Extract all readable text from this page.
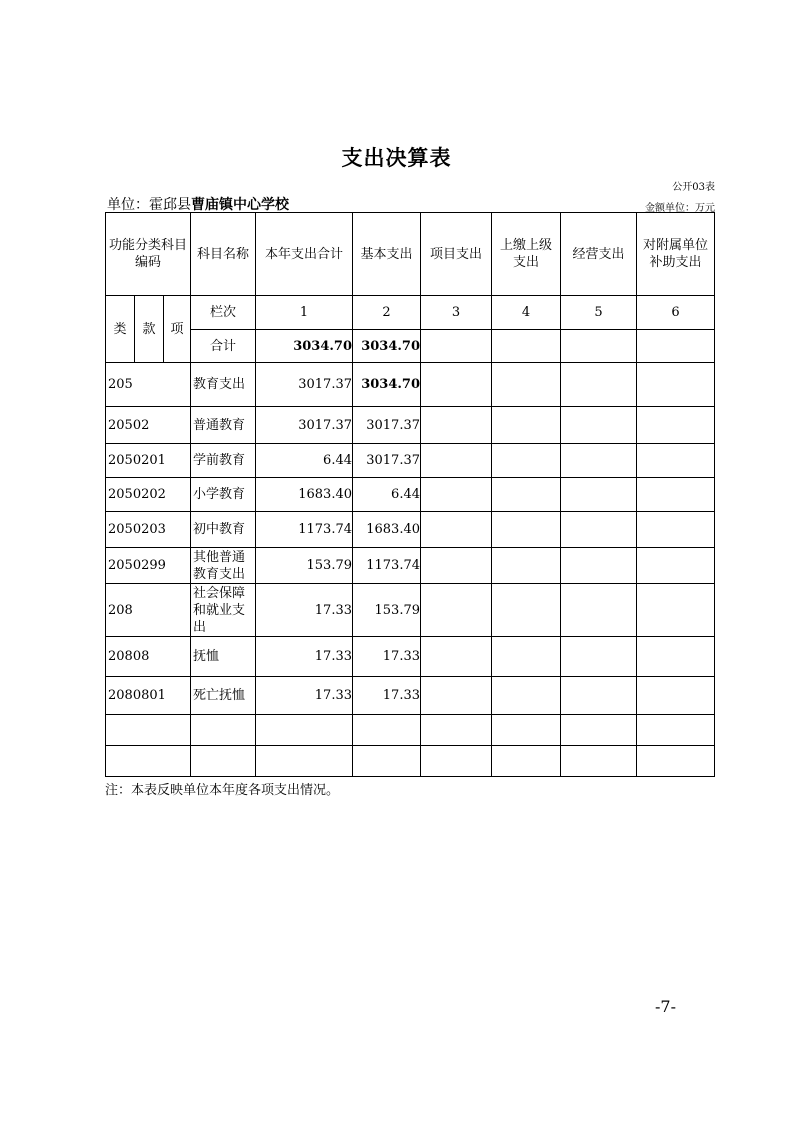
支出决算表
公开03表
单位：霍邱县曹庙镇中心学校	金额单位：万元
功能分类科目编码			科目名称	本年支出合计	基本支出	项目支出	上缴上级支出	经营支出	对附属单位补助支出
类	款	项	栏次	1	2	3	4	5	6
			合计	3034.70	3034.70				
205			教育支出	3017.37	3034.70				
20502			普通教育	3017.37	3017.37				
2050201			学前教育	6.44	3017.37				
2050202			小学教育	1683.40	6.44				
2050203			初中教育	1173.74	1683.40				
2050299			其他普通教育支出	153.79	1173.74				
208			社会保障和就业支出	17.33	153.79				
20808			抚恤	17.33	17.33				
2080801			死亡抚恤	17.33	17.33				

注：本表反映单位本年度各项支出情况。
-7-
